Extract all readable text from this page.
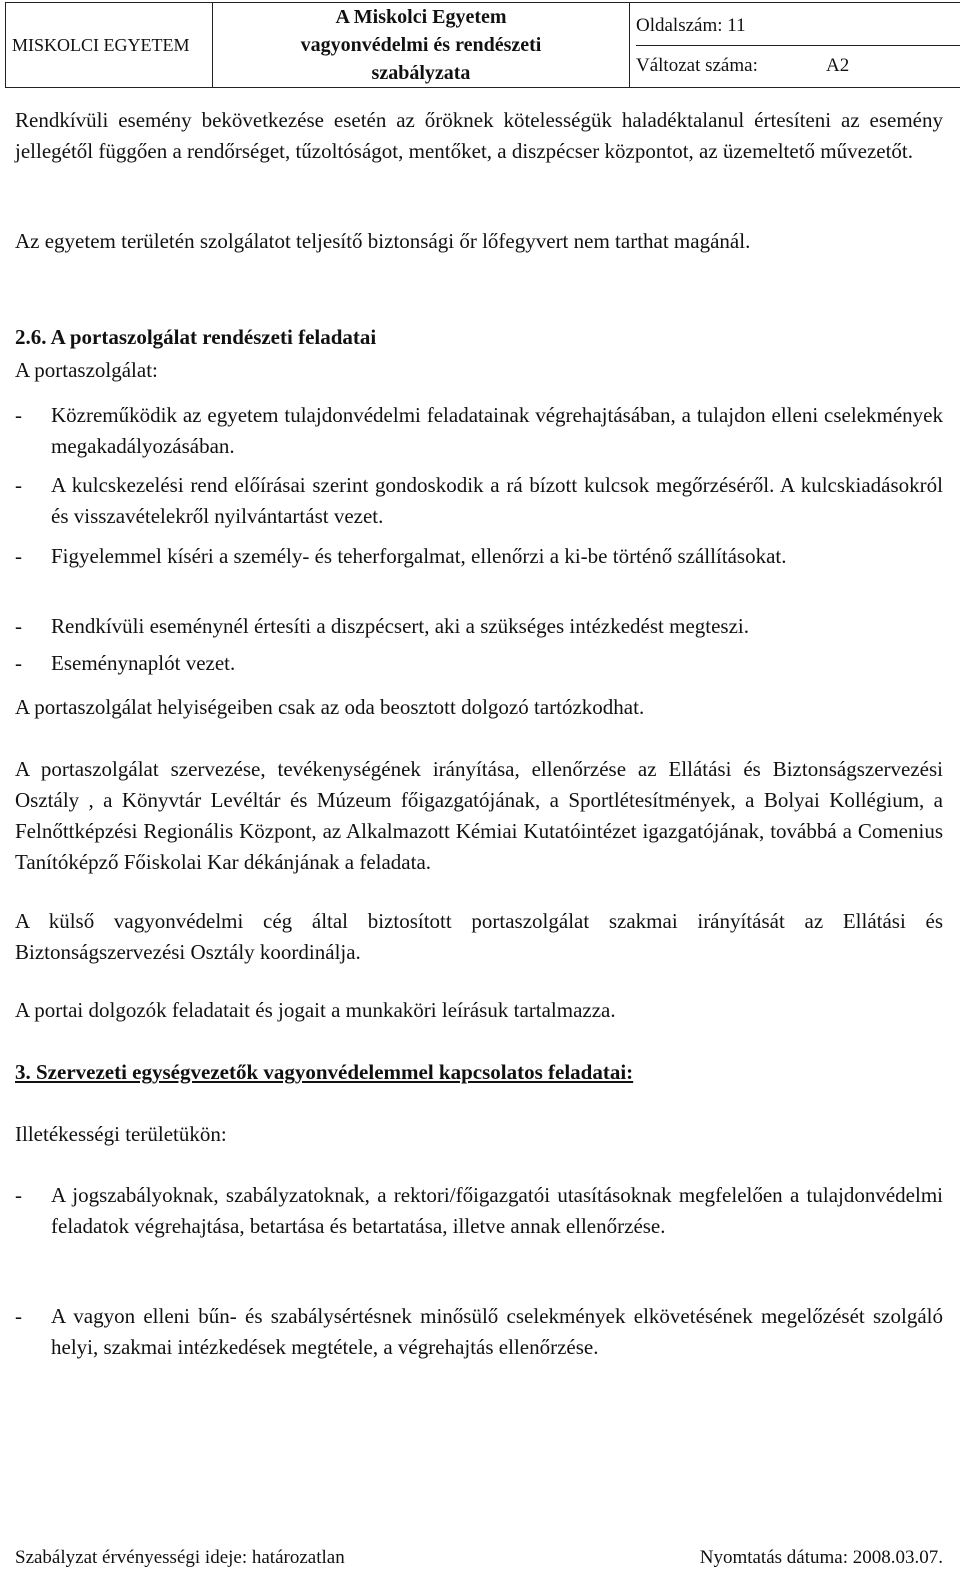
MISKOLCI EGYETEM	
A Miskolci Egyetem
vagyonvédelmi és rendészeti
szabályzata

Oldalszám: 11
Változat száma:	A2

Rendkívüli esemény bekövetkezése esetén az őröknek kötelességük haladéktalanul értesíteni az esemény jellegétől függően a rendőrséget, tűzoltóságot, mentőket, a diszpécser központot, az üzemeltető művezetőt.

Az egyetem területén szolgálatot teljesítő biztonsági őr lőfegyvert nem tarthat magánál.

2.6. A portaszolgálat rendészeti feladatai

A portaszolgálat:

- Közreműködik az egyetem tulajdonvédelmi feladatainak végrehajtásában, a tulajdon elleni cselekmények megakadályozásában.
- A kulcskezelési rend előírásai szerint gondoskodik a rá bízott kulcsok megőrzéséről. A kulcskiadásokról és visszavételekről nyilvántartást vezet.
- Figyelemmel kíséri a személy- és teherforgalmat, ellenőrzi a ki-be történő szállításokat.
- Rendkívüli eseménynél értesíti a diszpécsert, aki a szükséges intézkedést megteszi.
- Eseménynaplót vezet.

A portaszolgálat helyiségeiben csak az oda beosztott dolgozó tartózkodhat.

A portaszolgálat szervezése, tevékenységének irányítása, ellenőrzése az Ellátási és Biztonságszervezési Osztály , a Könyvtár Levéltár és Múzeum főigazgatójának, a Sportlétesítmények, a Bolyai Kollégium, a Felnőttképzési Regionális Központ, az Alkalmazott Kémiai Kutatóintézet igazgatójának, továbbá a Comenius Tanítóképző Főiskolai Kar dékánjának a feladata.

A külső vagyonvédelmi cég által biztosított portaszolgálat szakmai irányítását az Ellátási és Biztonságszervezési Osztály koordinálja.

A portai dolgozók feladatait és jogait a munkaköri leírásuk tartalmazza.

3. Szervezeti egységvezetők vagyonvédelemmel kapcsolatos feladatai:

Illetékességi területükön:

- A jogszabályoknak, szabályzatoknak, a rektori/főigazgatói utasításoknak megfelelően a tulajdonvédelmi feladatok végrehajtása, betartása és betartatása, illetve annak ellenőrzése.
- A vagyon elleni bűn- és szabálysértésnek minősülő cselekmények elkövetésének megelőzését szolgáló helyi, szakmai intézkedések megtétele, a végrehajtás ellenőrzése.
Szabályzat érvényességi ideje: határozatlan	Nyomtatás dátuma: 2008.03.07.
